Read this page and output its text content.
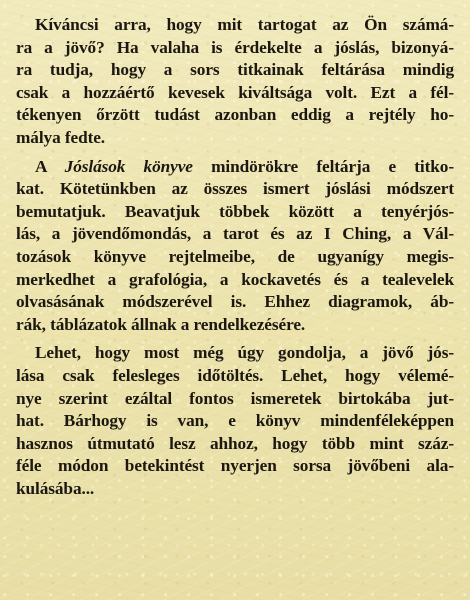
Kíváncsi arra, hogy mit tartogat az Ön számá-
ra a jövő? Ha valaha is érdekelte a jóslás, bizonyá-
ra tudja, hogy a sors titkainak feltárása mindig
csak a hozzáértő kevesek kiváltsága volt. Ezt a fél-
tékenyen őrzött tudást azonban eddig a rejtély ho-
málya fedte.
A Jóslások könyve mindörökre feltárja e titko-
kat. Kötetünkben az összes ismert jóslási módszert
bemutatjuk. Beavatjuk többek között a tenyérjós-
lás, a jövendőmondás, a tarot és az I Ching, a Vál-
tozások könyve rejtelmeibe, de ugyanígy megis-
merkedhet a grafológia, a kockavetés és a tealevelek
olvasásának módszerével is. Ehhez diagramok, áb-
rák, táblázatok állnak a rendelkezésére.
Lehet, hogy most még úgy gondolja, a jövő jós-
lása csak felesleges időtöltés. Lehet, hogy vélemé-
nye szerint ezáltal fontos ismeretek birtokába jut-
hat. Bárhogy is van, e könyv mindenféleképpen
hasznos útmutató lesz ahhoz, hogy több mint száz-
féle módon betekintést nyerjen sorsa jövőbeni ala-
kulásába...
